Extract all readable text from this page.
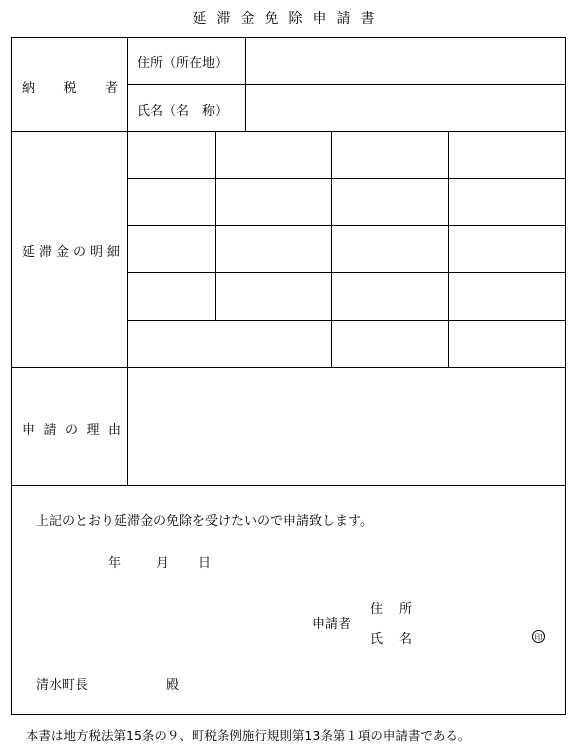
延滞金免除申請書
納 税 者
住所（所在地）
氏名（名　称）
延 滞 金 の 明 細
申 請 の 理 由
上記のとおり延滞金の免除を受けたいので申請致します。
年	月 日
申請者
住 所
氏 名	印
清水町長	殿
本書は地方税法第15条の９、町税条例施行規則第13条第１項の申請書である。
